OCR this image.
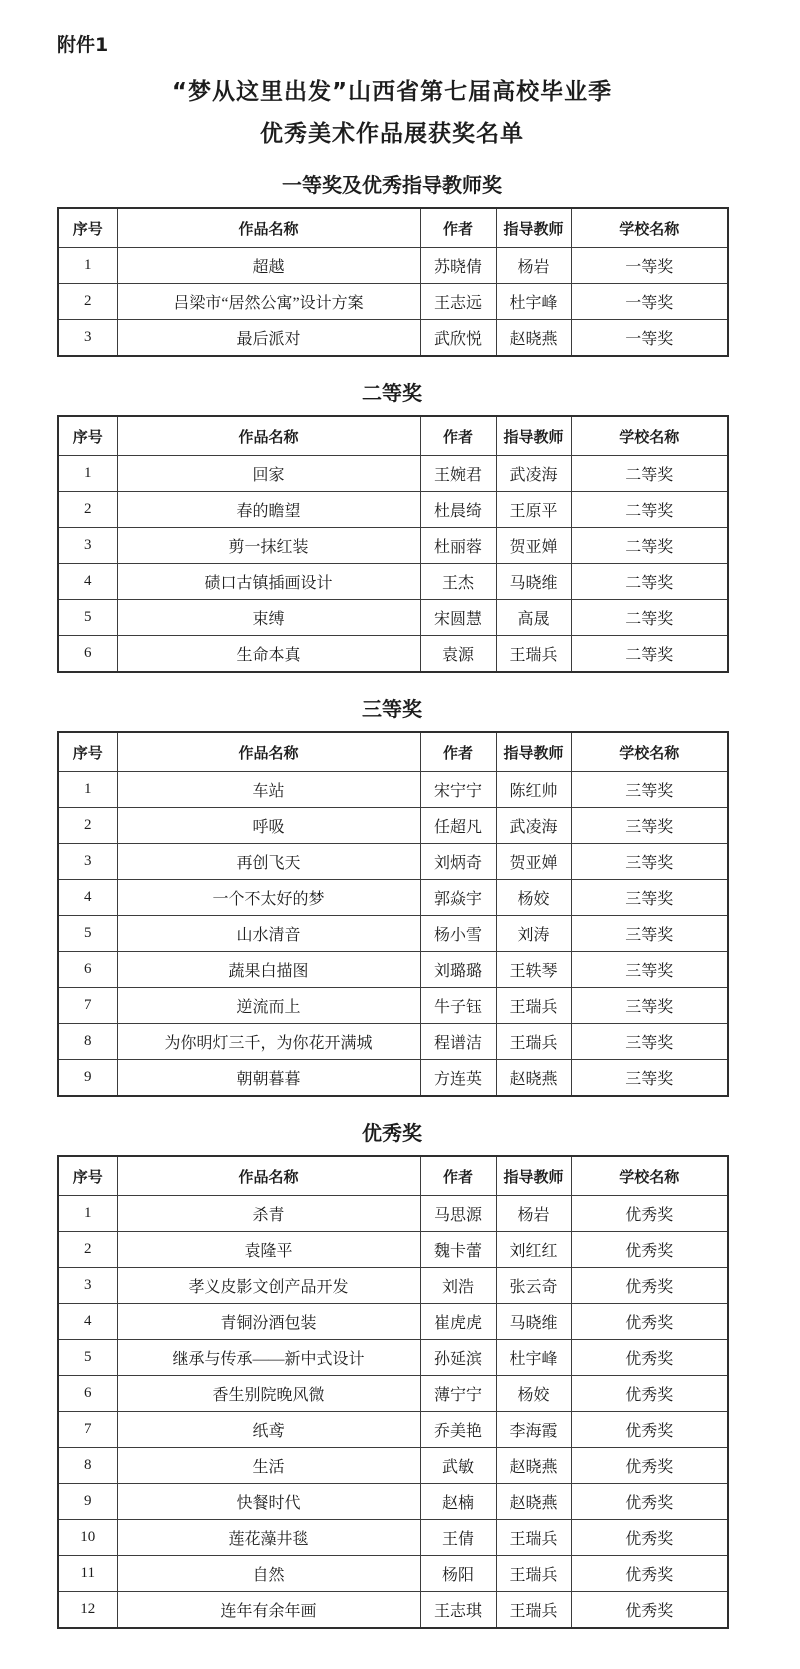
附件1
“梦从这里出发”山西省第七届高校毕业季
优秀美术作品展获奖名单
一等奖及优秀指导教师奖
序号	作品名称	作者	指导教师	学校名称
1	超越	苏晓倩	杨岩	一等奖
2	吕梁市“居然公寓”设计方案	王志远	杜宇峰	一等奖
3	最后派对	武欣悦	赵晓燕	一等奖
二等奖
序号	作品名称	作者	指导教师	学校名称
1	回家	王婉君	武凌海	二等奖
2	春的瞻望	杜晨绮	王原平	二等奖
3	剪一抹红装	杜丽蓉	贺亚婵	二等奖
4	碛口古镇插画设计	王杰	马晓维	二等奖
5	束缚	宋圆慧	高晟	二等奖
6	生命本真	袁源	王瑞兵	二等奖
三等奖
序号	作品名称	作者	指导教师	学校名称
1	车站	宋宁宁	陈红帅	三等奖
2	呼吸	任超凡	武凌海	三等奖
3	再创飞天	刘炳奇	贺亚婵	三等奖
4	一个不太好的梦	郭焱宇	杨姣	三等奖
5	山水清音	杨小雪	刘涛	三等奖
6	蔬果白描图	刘璐璐	王轶琴	三等奖
7	逆流而上	牛子钰	王瑞兵	三等奖
8	为你明灯三千，为你花开满城	程谱洁	王瑞兵	三等奖
9	朝朝暮暮	方连英	赵晓燕	三等奖
优秀奖
序号	作品名称	作者	指导教师	学校名称
1	杀青	马思源	杨岩	优秀奖
2	袁隆平	魏卡蕾	刘红红	优秀奖
3	孝义皮影文创产品开发	刘浩	张云奇	优秀奖
4	青铜汾酒包装	崔虎虎	马晓维	优秀奖
5	继承与传承——新中式设计	孙延滨	杜宇峰	优秀奖
6	香生别院晚风微	薄宁宁	杨姣	优秀奖
7	纸鸢	乔美艳	李海霞	优秀奖
8	生活	武敏	赵晓燕	优秀奖
9	快餐时代	赵楠	赵晓燕	优秀奖
10	莲花藻井毯	王倩	王瑞兵	优秀奖
11	自然	杨阳	王瑞兵	优秀奖
12	连年有余年画	王志琪	王瑞兵	优秀奖
